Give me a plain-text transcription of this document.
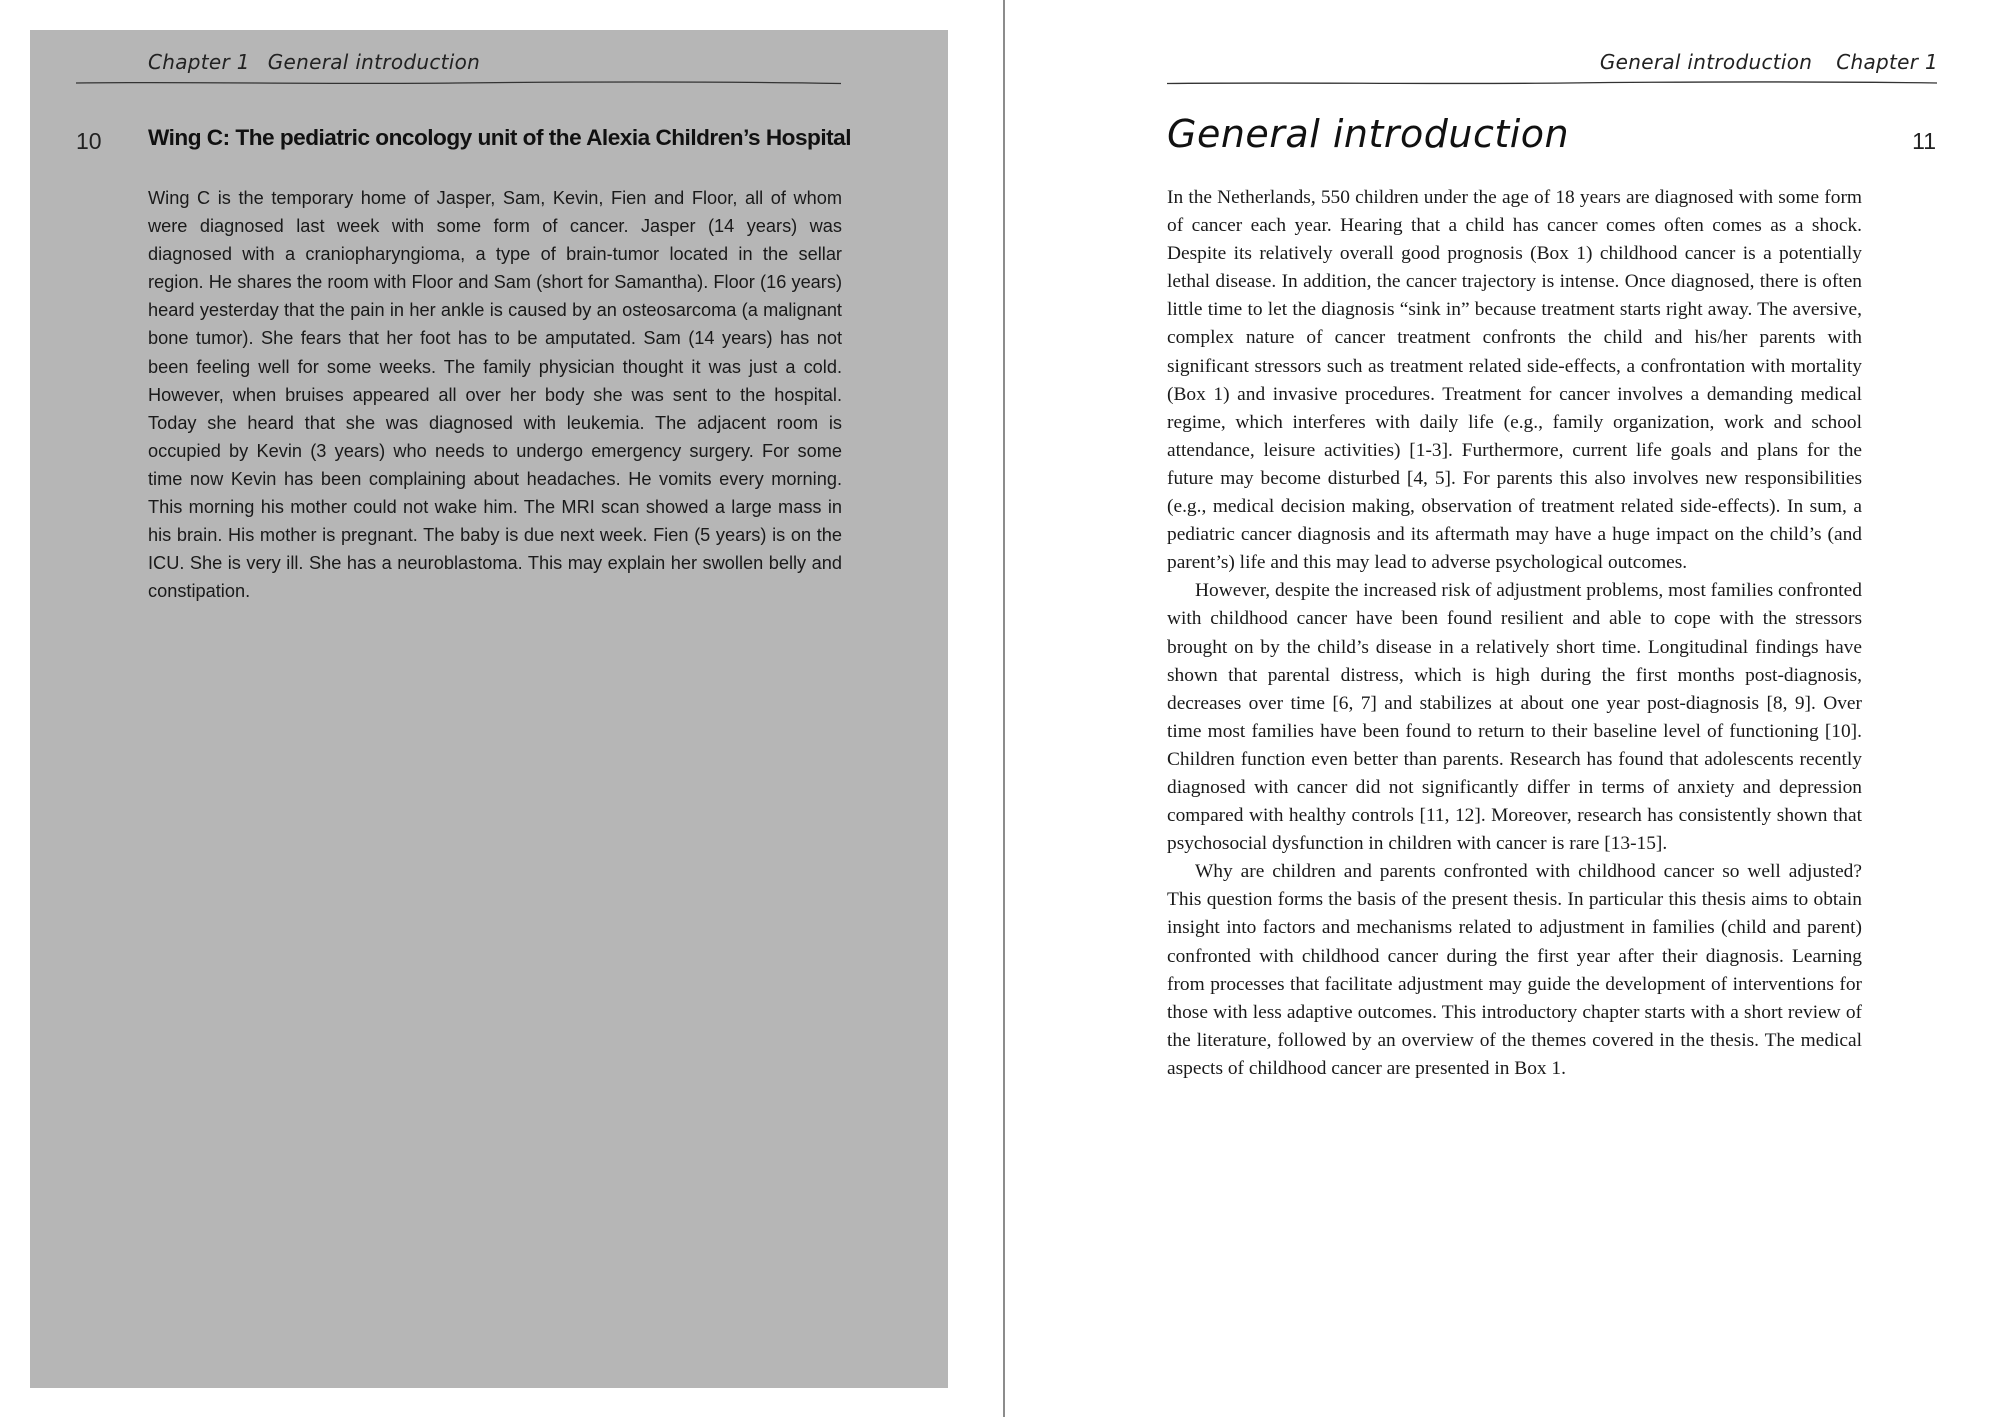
Chapter 1 General introduction
10 Wing C: The pediatric oncology unit of the Alexia Children’s Hospital

Wing C is the temporary home of Jasper, Sam, Kevin, Fien and Floor, all of whom were diagnosed last week with some form of cancer. Jasper (14 years) was diagnosed with a craniopharyngioma, a type of brain-tumor located in the sellar region. He shares the room with Floor and Sam (short for Samantha). Floor (16 years) heard yesterday that the pain in her ankle is caused by an osteosarcoma (a malignant bone tumor). She fears that her foot has to be amputated. Sam (14 years) has not been feeling well for some weeks. The family physician thought it was just a cold. However, when bruises appeared all over her body she was sent to the hospital. Today she heard that she was diagnosed with leukemia. The adjacent room is occupied by Kevin (3 years) who needs to undergo emergency surgery. For some time now Kevin has been complaining about headaches. He vomits every morning. This morning his mother could not wake him. The MRI scan showed a large mass in his brain. His mother is pregnant. The baby is due next week. Fien (5 years) is on the ICU. She is very ill. She has a neuroblastoma. This may explain her swollen belly and constipation.

General introduction Chapter 1
General introduction	11

In the Netherlands, 550 children under the age of 18 years are diagnosed with some form of cancer each year. Hearing that a child has cancer comes often comes as a shock. Despite its relatively overall good prognosis (Box 1) childhood cancer is a potentially lethal disease. In addition, the cancer trajectory is intense. Once diagnosed, there is often little time to let the diagnosis “sink in” because treatment starts right away. The aversive, complex nature of cancer treatment confronts the child and his/her parents with significant stressors such as treatment related side-effects, a confrontation with mortality (Box 1) and invasive procedures. Treatment for cancer involves a demanding medical regime, which interferes with daily life (e.g., family organization, work and school attendance, leisure activities) [1-3]. Furthermore, current life goals and plans for the future may become disturbed [4, 5]. For parents this also involves new responsibilities (e.g., medical decision making, observation of treatment related side-effects). In sum, a pediatric cancer diagnosis and its aftermath may have a huge impact on the child’s (and parent’s) life and this may lead to adverse psychological outcomes.

However, despite the increased risk of adjustment problems, most families confronted with childhood cancer have been found resilient and able to cope with the stressors brought on by the child’s disease in a relatively short time. Longitudinal findings have shown that parental distress, which is high during the first months post-diagnosis, decreases over time [6, 7] and stabilizes at about one year post-diagnosis [8, 9]. Over time most families have been found to return to their baseline level of functioning [10]. Children function even better than parents. Research has found that adolescents recently diagnosed with cancer did not significantly differ in terms of anxiety and depression compared with healthy controls [11, 12]. Moreover, research has consistently shown that psychosocial dysfunction in children with cancer is rare [13-15].

Why are children and parents confronted with childhood cancer so well adjusted? This question forms the basis of the present thesis. In particular this thesis aims to obtain insight into factors and mechanisms related to adjustment in families (child and parent) confronted with childhood cancer during the first year after their diagnosis. Learning from processes that facilitate adjustment may guide the development of interventions for those with less adaptive outcomes. This introductory chapter starts with a short review of the literature, followed by an overview of the themes covered in the thesis. The medical aspects of childhood cancer are presented in Box 1.
